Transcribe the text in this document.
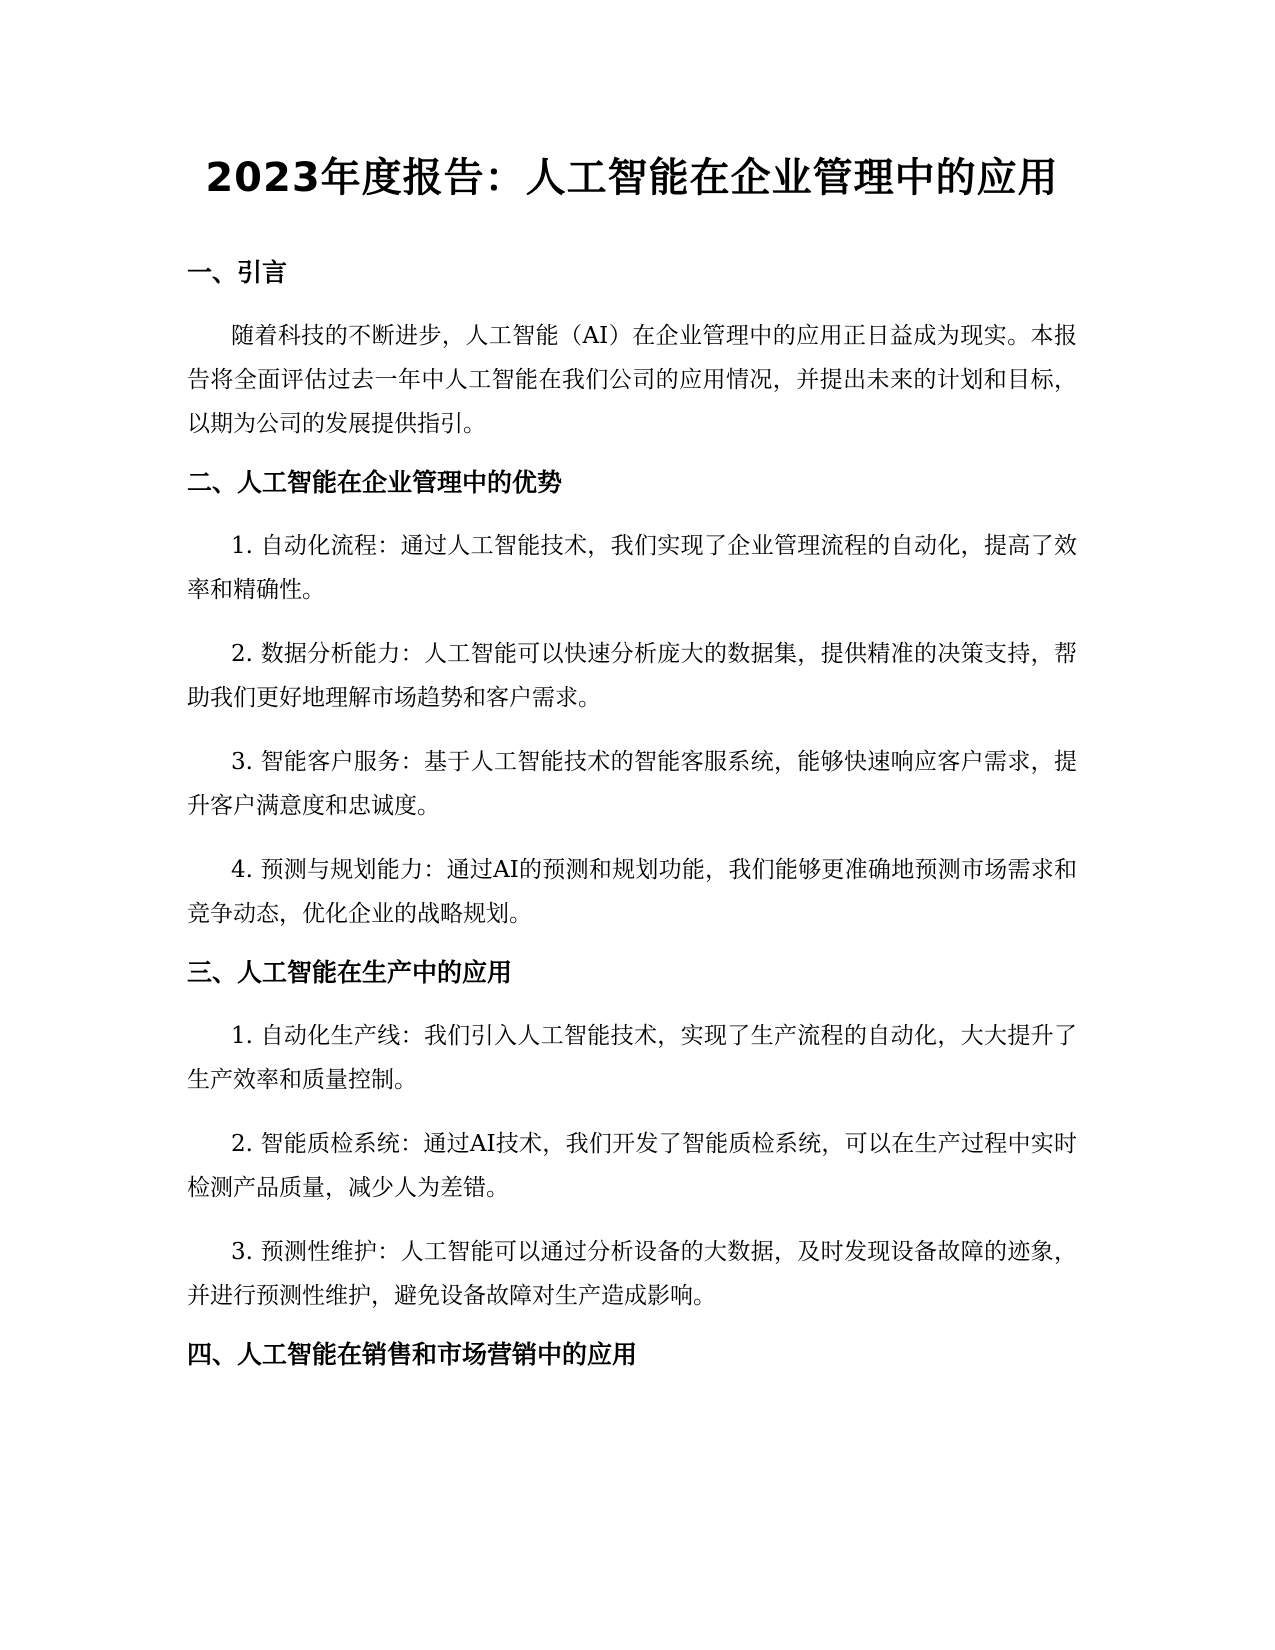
2023年度报告：人工智能在企业管理中的应用
一、引言

随着科技的不断进步，人工智能（AI）在企业管理中的应用正日益成为现实。本报告将全面评估过去一年中人工智能在我们公司的应用情况，并提出未来的计划和目标，以期为公司的发展提供指引。

二、人工智能在企业管理中的优势

1. 自动化流程：通过人工智能技术，我们实现了企业管理流程的自动化，提高了效率和精确性。

2. 数据分析能力：人工智能可以快速分析庞大的数据集，提供精准的决策支持，帮助我们更好地理解市场趋势和客户需求。

3. 智能客户服务：基于人工智能技术的智能客服系统，能够快速响应客户需求，提升客户满意度和忠诚度。

4. 预测与规划能力：通过AI的预测和规划功能，我们能够更准确地预测市场需求和竞争动态，优化企业的战略规划。

三、人工智能在生产中的应用

1. 自动化生产线：我们引入人工智能技术，实现了生产流程的自动化，大大提升了生产效率和质量控制。

2. 智能质检系统：通过AI技术，我们开发了智能质检系统，可以在生产过程中实时检测产品质量，减少人为差错。

3. 预测性维护：人工智能可以通过分析设备的大数据，及时发现设备故障的迹象，并进行预测性维护，避免设备故障对生产造成影响。

四、人工智能在销售和市场营销中的应用
